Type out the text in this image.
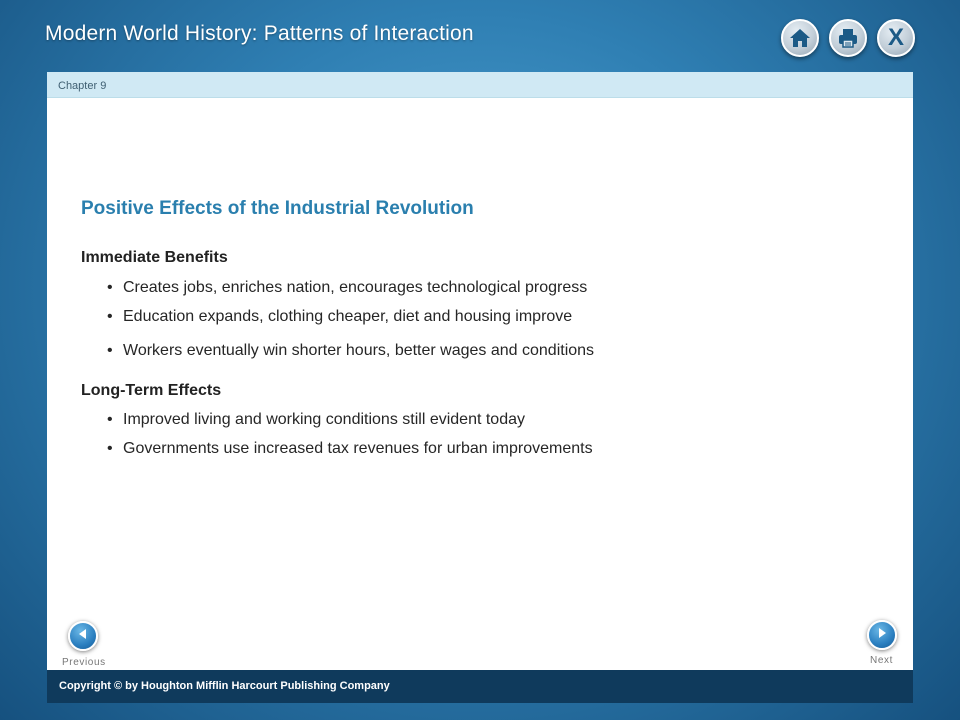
Modern World History: Patterns of Interaction	X
Chapter 9
Positive Effects of the Industrial Revolution
Immediate Benefits
• Creates jobs, enriches nation, encourages technological progress
• Education expands, clothing cheaper, diet and housing improve
• Workers eventually win shorter hours, better wages and conditions
Long-Term Effects
• Improved living and working conditions still evident today
• Governments use increased tax revenues for urban improvements
Previous	Next
Copyright © by Houghton Mifflin Harcourt Publishing Company
